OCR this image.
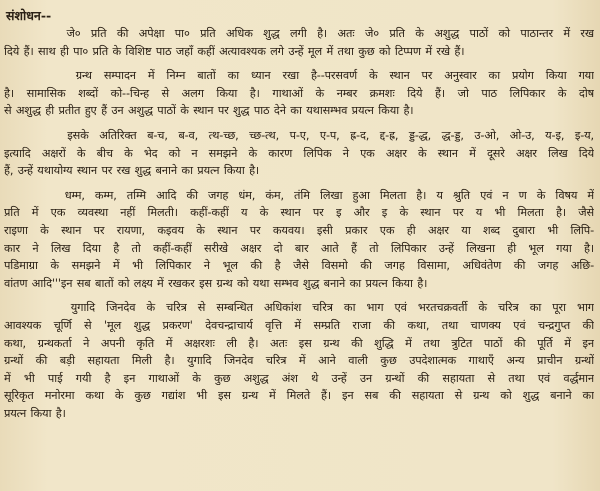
संशोधन--
जे० प्रति की अपेक्षा पा० प्रति अधिक शुद्ध लगी है। अतः जे० प्रति के अशुद्ध पाठों को पाठान्तर में रख
दिये हैं। साथ ही पा० प्रति के विशिष्ट पाठ जहाँ कहीं अत्यावश्यक लगे उन्हें मूल में तथा कुछ को टिप्पण में रखे हैं।
ग्रन्थ सम्पादन में निम्न बातों का ध्यान रखा है--परसवर्ण के स्थान पर अनुस्वार का प्रयोग किया गया
है। सामासिक शब्दों को--चिन्ह से अलग किया है। गाथाओं के नम्बर क्रमशः दिये हैं। जो पाठ लिपिकार के दोष
से अशुद्ध ही प्रतीत हुए हैं उन अशुद्ध पाठों के स्थान पर शुद्ध पाठ देने का यथासम्भव प्रयत्न किया है।
इसके अतिरिक्त ब-च, ब-व, त्थ-च्छ, च्छ-त्थ, प-ए, ए-प, ह्र-द, द्द-ह्र, ड्ड-द्ध, द्ध-ड्ड, उ-ओ, ओ-उ, य-इ, इ-य,
इत्यादि अक्षरों के बीच के भेद को न समझने के कारण लिपिक ने एक अक्षर के स्थान में दूसरे अक्षर लिख दिये
हैं, उन्हें यथायोग्य स्थान पर रख शुद्ध बनाने का प्रयत्न किया है।
धम्म, कम्म, तम्मि आदि की जगह धंम, कंम, तंमि लिखा हुआ मिलता है। य श्रुति एवं न ण के विषय में
प्रति में एक व्यवस्था नहीं मिलती। कहीं-कहीं य के स्थान पर इ और इ के स्थान पर य भी मिलता है। जैसे
राइणा के स्थान पर रायणा, कइवय के स्थान पर कयवय। इसी प्रकार एक ही अक्षर या शब्द दुबारा भी लिपि-
कार ने लिख दिया है तो कहीं-कहीं सरीखे अक्षर दो बार आते हैं तो लिपिकार उन्हें लिखना ही भूल गया है।
पडिमाग्रा के समझने में भी लिपिकार ने भूल की है जैसे विसमो की जगह विसामा, अधिवंतेण की जगह अछि-
वांतण आदि'''इन सब बातों को लक्ष्य में रखकर इस ग्रन्थ को यथा सम्भव शुद्ध बनाने का प्रयत्न किया है।
युगादि जिनदेव के चरित्र से सम्बन्धित अधिकांश चरित्र का भाग एवं भरतचक्रवर्ती के चरित्र का पूरा भाग
आवश्यक चूर्णि से 'मूल शुद्ध प्रकरण' देवचन्द्राचार्य वृत्ति में सम्प्रति राजा की कथा, तथा चाणक्य एवं चन्द्रगुप्त की
कथा, ग्रन्थकर्ता ने अपनी कृति में अक्षरशः ली है। अतः इस ग्रन्थ की शुद्धि में तथा त्रुटित पाठों की पूर्ति में इन
ग्रन्थों की बड़ी सहायता मिली है। युगादि जिनदेव चरित्र में आने वाली कुछ उपदेशात्मक गाथाएँ अन्य प्राचीन ग्रन्थों
में भी पाई गयी है इन गाथाओं के कुछ अशुद्ध अंश थे उन्हें उन ग्रन्थों की सहायता से तथा एवं वर्द्धमान
सूरिकृत मनोरमा कथा के कुछ गद्यांश भी इस ग्रन्थ में मिलते हैं। इन सब की सहायता से ग्रन्थ को शुद्ध बनाने का
प्रयत्न किया है।
